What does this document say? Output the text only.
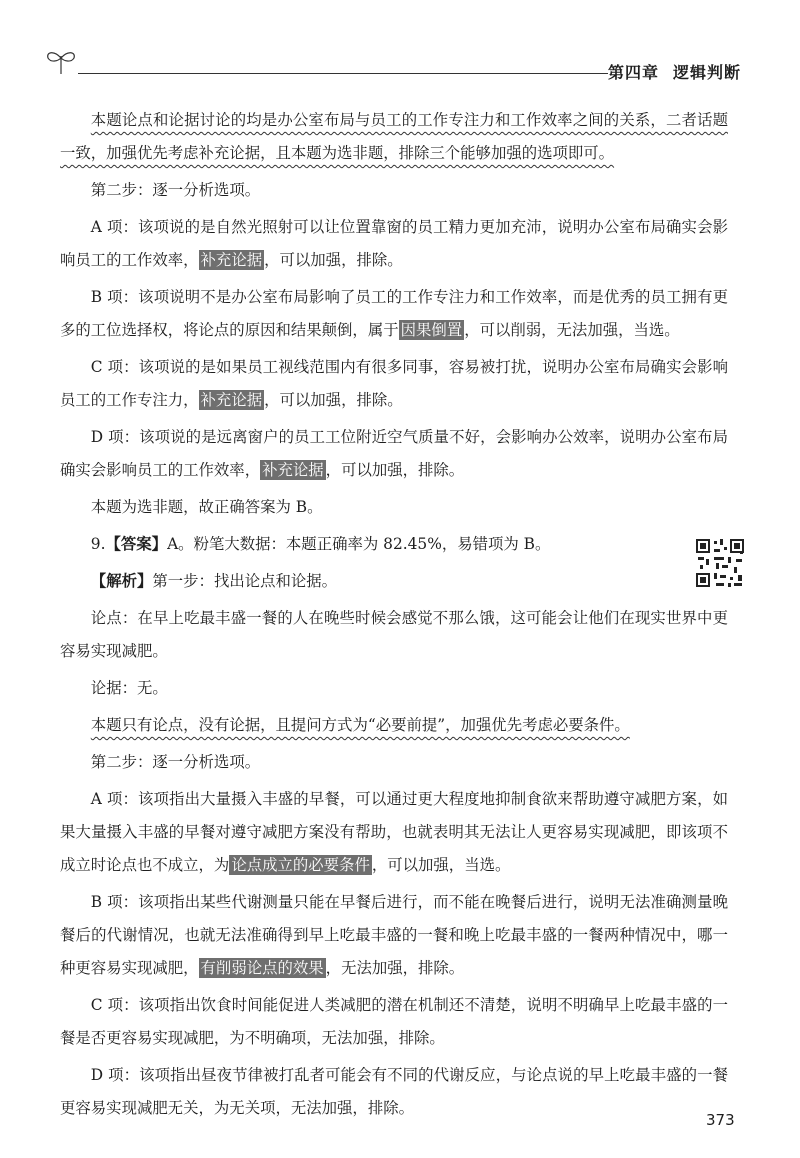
第四章 逻辑判断

本题论点和论据讨论的均是办公室布局与员工的工作专注力和工作效率之间的关系，二者话题一致，加强优先考虑补充论据，且本题为选非题，排除三个能够加强的选项即可。

第二步：逐一分析选项。

A 项：该项说的是自然光照射可以让位置靠窗的员工精力更加充沛，说明办公室布局确实会影响员工的工作效率， 补充论据 ，可以加强，排除。

B 项：该项说明不是办公室布局影响了员工的工作专注力和工作效率，而是优秀的员工拥有更多的工位选择权，将论点的原因和结果颠倒，属于 因果倒置 ，可以削弱，无法加强，当选。

C 项：该项说的是如果员工视线范围内有很多同事，容易被打扰，说明办公室布局确实会影响员工的工作专注力， 补充论据 ，可以加强，排除。

D 项：该项说的是远离窗户的员工工位附近空气质量不好，会影响办公效率，说明办公室布局确实会影响员工的工作效率， 补充论据 ，可以加强，排除。

本题为选非题，故正确答案为 B。

9.【答案】A。粉笔大数据：本题正确率为 82.45%，易错项为 B。

【解析】第一步：找出论点和论据。

论点：在早上吃最丰盛一餐的人在晚些时候会感觉不那么饿，这可能会让他们在现实世界中更容易实现减肥。

论据：无。

本题只有论点，没有论据，且提问方式为“必要前提”，加强优先考虑必要条件。

第二步：逐一分析选项。

A 项：该项指出大量摄入丰盛的早餐，可以通过更大程度地抑制食欲来帮助遵守减肥方案，如果大量摄入丰盛的早餐对遵守减肥方案没有帮助，也就表明其无法让人更容易实现减肥，即该项不成立时论点也不成立，为 论点成立的必要条件 ，可以加强，当选。

B 项：该项指出某些代谢测量只能在早餐后进行，而不能在晚餐后进行，说明无法准确测量晚餐后的代谢情况，也就无法准确得到早上吃最丰盛的一餐和晚上吃最丰盛的一餐两种情况中，哪一种更容易实现减肥， 有削弱论点的效果 ，无法加强，排除。

C 项：该项指出饮食时间能促进人类减肥的潜在机制还不清楚，说明不明确早上吃最丰盛的一餐是否更容易实现减肥，为不明确项，无法加强，排除。

D 项：该项指出昼夜节律被打乱者可能会有不同的代谢反应，与论点说的早上吃最丰盛的一餐更容易实现减肥无关，为无关项，无法加强，排除。

373
